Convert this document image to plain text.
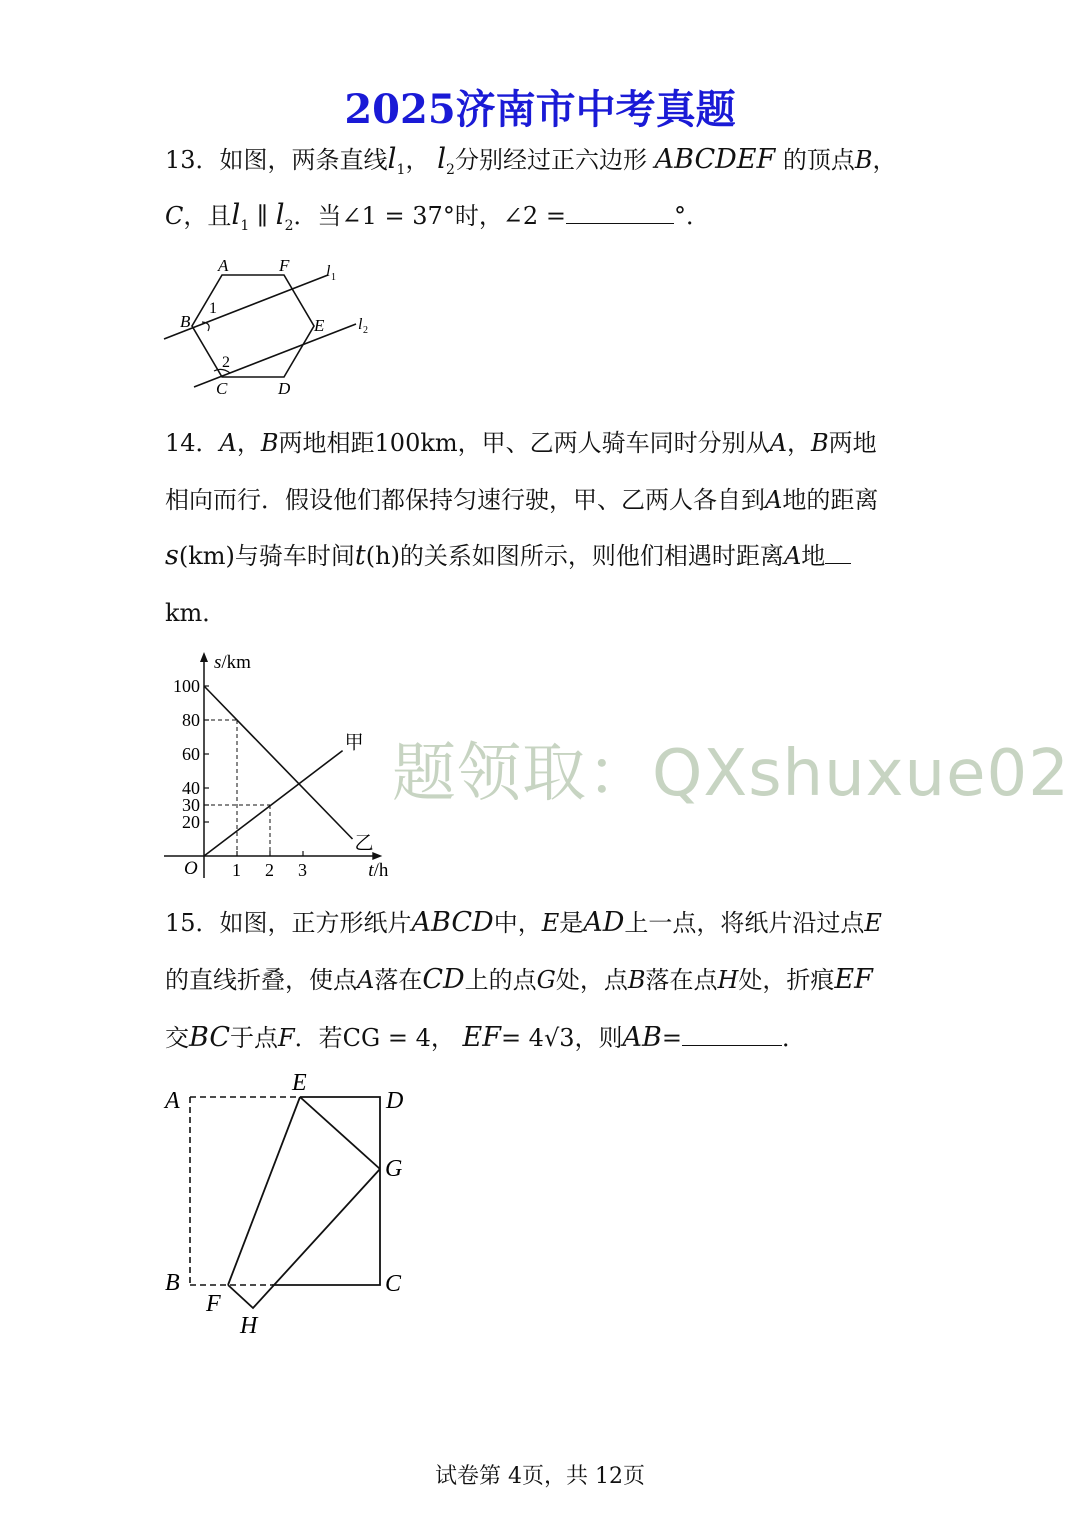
2025济南市中考真题
13．如图，两条直线$l_1$， $l_2$分别经过正六边形 ABCDEF 的顶点B，
C，且$l_1$ ∥ $l_2$．当∠1 = 37°时，∠2 =	°．
A	F
B	E
C	D
1
2
l 1
l 2
14．A，B两地相距100km，甲、乙两人骑车同时分别从A，B两地
相向而行．假设他们都保持匀速行驶，甲、乙两人各自到A地的距离
s(km)与骑车时间t(h)的关系如图所示，则他们相遇时距离A地
km．
s/km
t/h
O 1 2 3
20
30
40
60
80
100
甲
乙
题领取：QXshuxue02
15．如图，正方形纸片ABCD中，E是AD上一点，将纸片沿过点E
的直线折叠，使点A落在CD上的点G处，点B落在点H处，折痕EF
交BC于点F．若CG = 4， EF= 4√3，则AB=	．
A
E
D
G
B	C
F
H
试卷第 4页，共 12页
